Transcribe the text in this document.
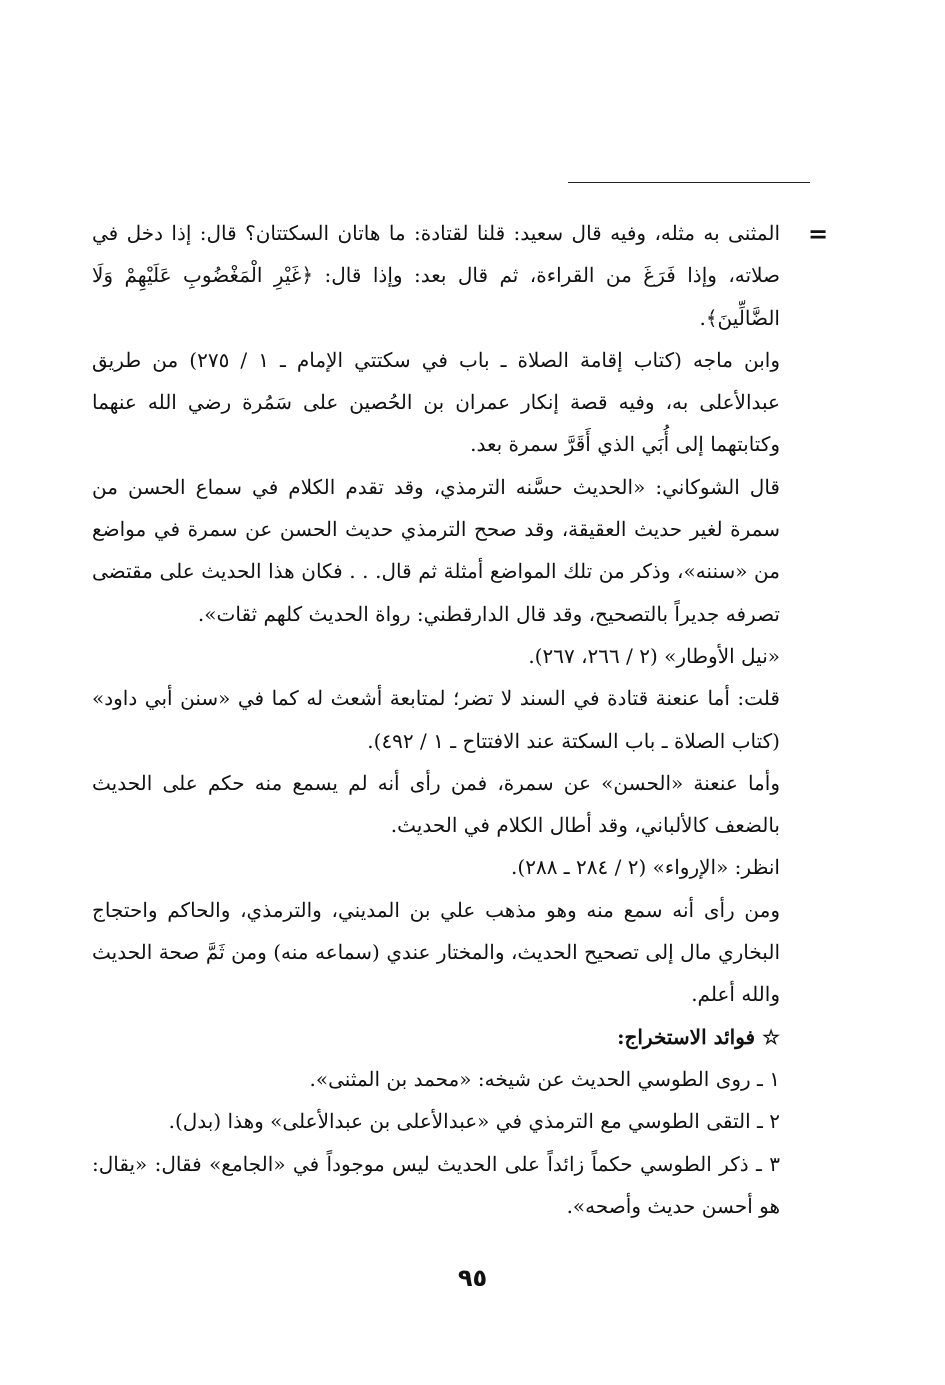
=

المثنى به مثله، وفيه قال سعيد: قلنا لقتادة: ما هاتان السكتتان؟ قال: إذا دخل في صلاته، وإذا فَرَغَ من القراءة، ثم قال بعد: وإذا قال: ﴿غَيْرِ الْمَغْضُوبِ عَلَيْهِمْ وَلَا الضَّالِّينَ﴾.

وابن ماجه (كتاب إقامة الصلاة ـ باب في سكتتي الإمام ـ ١ / ٢٧٥) من طريق عبدالأعلى به، وفيه قصة إنكار عمران بن الحُصين على سَمُرة رضي الله عنهما وكتابتهما إلى أُبَي الذي أَقَرَّ سمرة بعد.

قال الشوكاني: «الحديث حسَّنه الترمذي، وقد تقدم الكلام في سماع الحسن من سمرة لغير حديث العقيقة، وقد صحح الترمذي حديث الحسن عن سمرة في مواضع من «سننه»، وذكر من تلك المواضع أمثلة ثم قال. . . فكان هذا الحديث على مقتضى تصرفه جديراً بالتصحيح، وقد قال الدارقطني: رواة الحديث كلهم ثقات».

«نيل الأوطار» (٢ / ٢٦٦، ٢٦٧).

قلت: أما عنعنة قتادة في السند لا تضر؛ لمتابعة أشعث له كما في «سنن أبي داود» (كتاب الصلاة ـ باب السكتة عند الافتتاح ـ ١ / ٤٩٢).

وأما عنعنة «الحسن» عن سمرة، فمن رأى أنه لم يسمع منه حكم على الحديث بالضعف كالألباني، وقد أطال الكلام في الحديث.

انظر: «الإرواء» (٢ / ٢٨٤ ـ ٢٨٨).

ومن رأى أنه سمع منه وهو مذهب علي بن المديني، والترمذي، والحاكم واحتجاج البخاري مال إلى تصحيح الحديث، والمختار عندي (سماعه منه) ومن ثَمَّ صحة الحديث والله أعلم.

☆ فوائد الاستخراج:

١ ـ روى الطوسي الحديث عن شيخه: «محمد بن المثنى».

٢ ـ التقى الطوسي مع الترمذي في «عبدالأعلى بن عبدالأعلى» وهذا (بدل).

٣ ـ ذكر الطوسي حكماً زائداً على الحديث ليس موجوداً في «الجامع» فقال: «يقال: هو أحسن حديث وأصحه».

٩٥
